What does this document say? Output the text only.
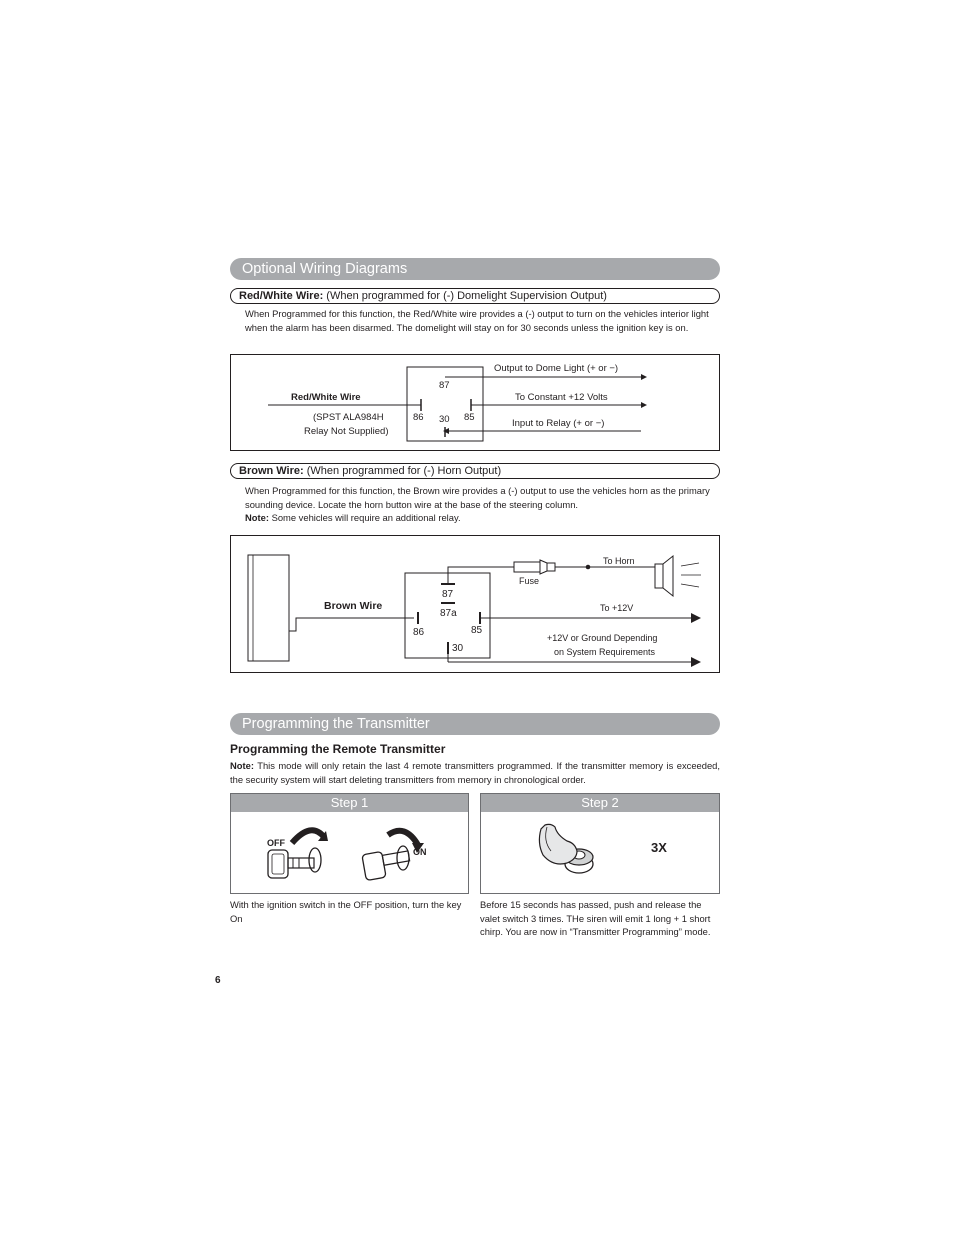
Optional Wiring Diagrams
Red/White Wire: (When programmed for (-) Domelight Supervision Output)
When Programmed for this function, the Red/White wire provides a (-) output to turn on the vehicles interior light when the alarm has been disarmed. The domelight will stay on for 30 seconds unless the ignition key is on.
87
86 30 85
Red/White Wire
(SPST ALA984H
Relay Not Supplied)
Output to Dome Light (+ or −)
To Constant +12 Volts
Input to Relay (+ or −)
Brown Wire: (When programmed for (-) Horn Output)
When Programmed for this function, the Brown wire provides a (-) output to use the vehicles horn as the primary sounding device. Locate the horn button wire at the base of the steering column.
Note: Some vehicles will require an additional relay.
Brown Wire
87
87a
86	85
30
Fuse
To Horn
To +12V
+12V or Ground Depending
on System Requirements
Programming the Transmitter
Programming the Remote Transmitter
Note: This mode will only retain the last 4 remote transmitters programmed. If the transmitter memory is exceeded, the security system will start deleting transmitters from memory in chronological order.
Step 1
OFF
ON
With the ignition switch in the OFF position, turn the key On
Step 2
3X
Before 15 seconds has passed, push and release the valet switch 3 times. THe siren will emit 1 long + 1 short chirp. You are now in “Transmitter Programming” mode.
6
